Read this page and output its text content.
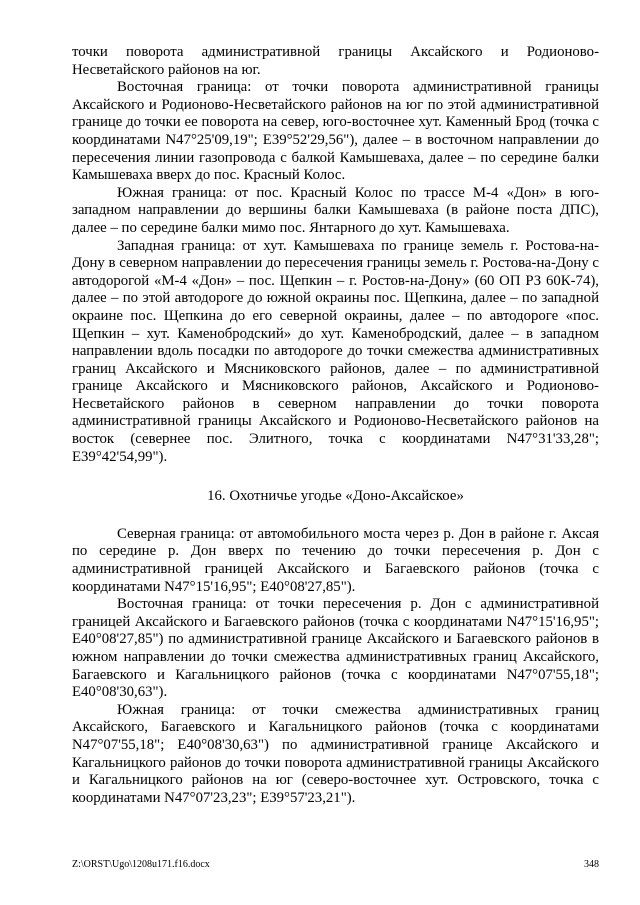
точки поворота административной границы Аксайского и Родионово-Несветайского районов на юг.

Восточная граница: от точки поворота административной границы Аксайского и Родионово-Несветайского районов на юг по этой административной границе до точки ее поворота на север, юго-восточнее хут. Каменный Брод (точка с координатами N47°25'09,19"; E39°52'29,56"), далее – в восточном направлении до пересечения линии газопровода с балкой Камышеваха, далее – по середине балки Камышеваха вверх до пос. Красный Колос.

Южная граница: от пос. Красный Колос по трассе М-4 «Дон» в юго-западном направлении до вершины балки Камышеваха (в районе поста ДПС), далее – по середине балки мимо пос. Янтарного до хут. Камышеваха.

Западная граница: от хут. Камышеваха по границе земель г. Ростова-на-Дону в северном направлении до пересечения границы земель г. Ростова-на-Дону с автодорогой «М-4 «Дон» – пос. Щепкин – г. Ростов-на-Дону» (60 ОП РЗ 60К-74), далее – по этой автодороге до южной окраины пос. Щепкина, далее – по западной окраине пос. Щепкина до его северной окраины, далее – по автодороге «пос. Щепкин – хут. Каменобродский» до хут. Каменобродский, далее – в западном направлении вдоль посадки по автодороге до точки смежества административных границ Аксайского и Мясниковского районов, далее – по административной границе Аксайского и Мясниковского районов, Аксайского и Родионово-Несветайского районов в северном направлении до точки поворота административной границы Аксайского и Родионово-Несветайского районов на восток (севернее пос. Элитного, точка с координатами N47°31'33,28"; E39°42'54,99").

16. Охотничье угодье «Доно-Аксайское»

Северная граница: от автомобильного моста через р. Дон в районе г. Аксая по середине р. Дон вверх по течению до точки пересечения р. Дон с административной границей Аксайского и Багаевского районов (точка с координатами N47°15'16,95"; E40°08'27,85").

Восточная граница: от точки пересечения р. Дон с административной границей Аксайского и Багаевского районов (точка с координатами N47°15'16,95"; E40°08'27,85") по административной границе Аксайского и Багаевского районов в южном направлении до точки смежества административных границ Аксайского, Багаевского и Кагальницкого районов (точка с координатами N47°07'55,18"; E40°08'30,63").

Южная граница: от точки смежества административных границ Аксайского, Багаевского и Кагальницкого районов (точка с координатами N47°07'55,18"; E40°08'30,63") по административной границе Аксайского и Кагальницкого районов до точки поворота административной границы Аксайского и Кагальницкого районов на юг (северо-восточнее хут. Островского, точка с координатами N47°07'23,23"; E39°57'23,21").

Z:\ORST\Ugo\1208u171.f16.docx	348
